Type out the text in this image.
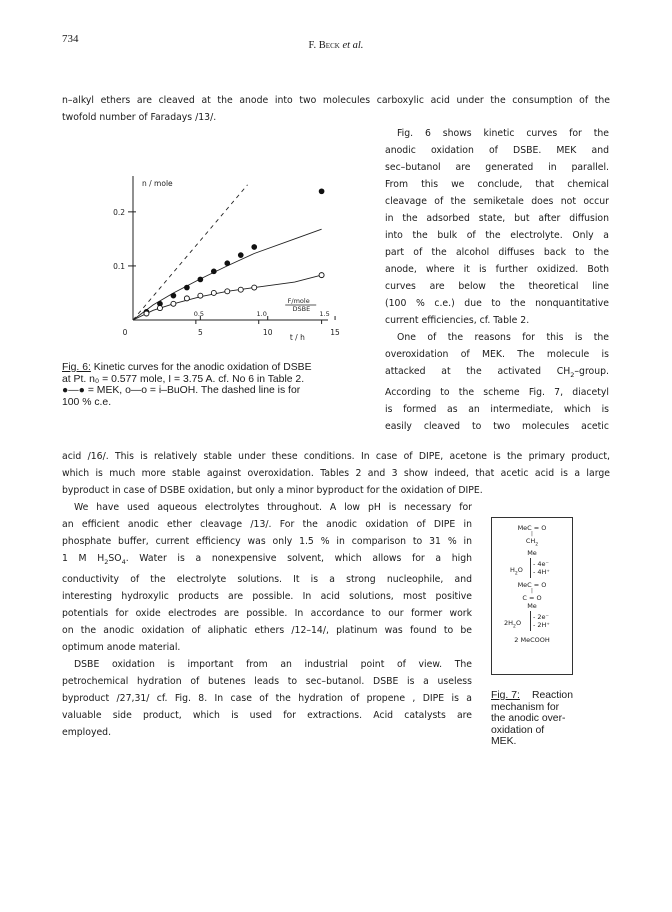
734
F. Beck et al.
n–alkyl ethers are cleaved at the anode into two molecules carboxylic acid under the consumption of the
twofold number of Faradays /13/.
Fig. 6 shows kinetic curves for the
anodic oxidation of DSBE. MEK and
sec–butanol are generated in parallel.
From this we conclude, that chemical
cleavage of the semiketale does not occur
in the adsorbed state, but after diffusion
into the bulk of the electrolyte. Only a
part of the alcohol diffuses back to the
anode, where it is further oxidized. Both
curves are below the theoretical line
(100 % c.e.) due to the nonquantitative
current efficiencies, cf. Table 2.
One of the reasons for this is the
overoxidation of MEK. The molecule is
attacked at the activated $CH_2$–group.
According to the scheme Fig. 7, diacetyl
is formed as an intermediate, which is
easily cleaved to two molecules acetic
0.1
0.2
0	5	10	15
0.5	1.0	1.5
n / mole
t / h
F/mole
DSBE
Fig. 6: Kinetic curves for the anodic oxidation of DSBE
at Pt. n₀ = 0.577 mole, I = 3.75 A. cf. No 6 in Table 2.
●—● = MEK, o—o = i–BuOH. The dashed line is for
100 % c.e.
acid /16/. This is relatively stable under these conditions. In case of DIPE, acetone is the primary product,
which is much more stable against overoxidation. Tables 2 and 3 show indeed, that acetic acid is a large
byproduct in case of DSBE oxidation, but only a minor byproduct for the oxidation of DIPE.
We have used aqueous electrolytes throughout. A low pH is necessary for
an efficient anodic ether cleavage /13/. For the anodic oxidation of DIPE in
phosphate buffer, current efficiency was only 1.5 % in comparison to 31 % in
1 M $H_2SO_4$. Water is a nonexpensive solvent, which allows for a high
conductivity of the electrolyte solutions. It is a strong nucleophile, and
interesting hydroxylic products are possible. In acid solutions, most positive
potentials for oxide electrodes are possible. In accordance to our former work
on the anodic oxidation of aliphatic ethers /12–14/, platinum was found to be
optimum anode material.
DSBE oxidation is important from an industrial point of view. The
petrochemical hydration of butenes leads to sec–butanol. DSBE is a useless
byproduct /27,31/ cf. Fig. 8. In case of the hydration of propene , DIPE is a
valuable side product, which is used for extractions. Acid catalysts are
employed.
MeC = O
|
$CH_2$
Me
$H_2O$
- 4e⁻
- 4H⁺
MeC = O
|
C = O
Me
$2H_2O$
- 2e⁻
- 2H⁺
2 MeCOOH
Fig. 7: Reaction
mechanism for
the anodic over-
oxidation of
MEK.
